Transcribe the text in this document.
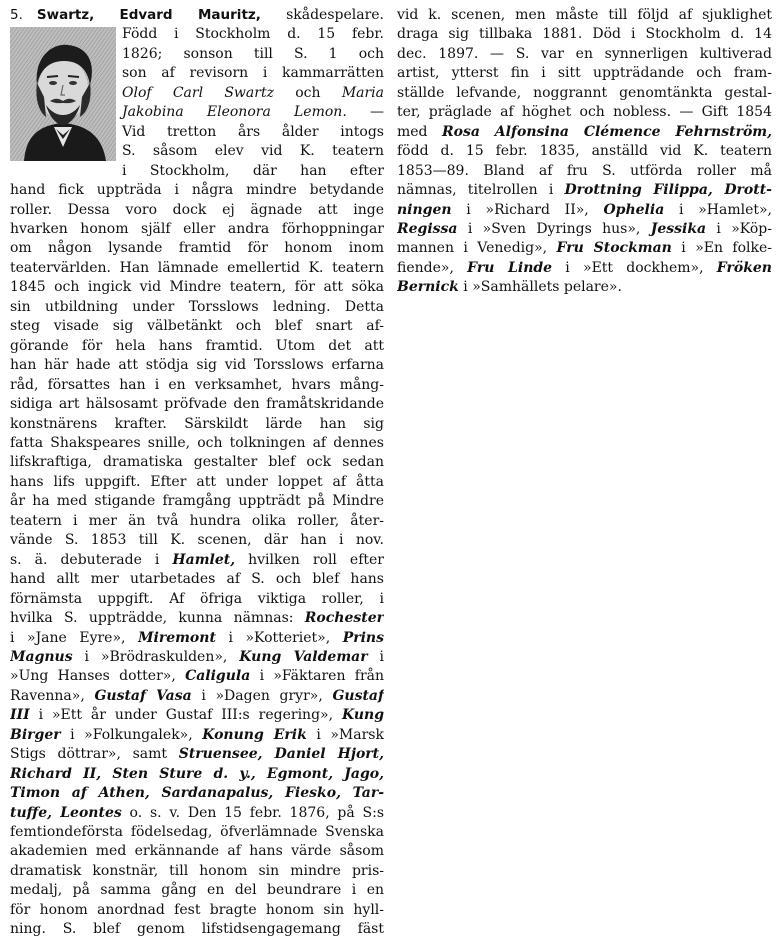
5. Swartz, Edvard Mauritz, skådespelare.
Född i Stockholm d. 15 febr.
1826; sonson till S. 1 och
son af revisorn i kammarrätten
Olof Carl Swartz och Maria
Jakobina Eleonora Lemon. —
Vid tretton års ålder intogs
S. såsom elev vid K. teatern
i Stockholm, där han efter
hand fick uppträda i några mindre betydande
roller. Dessa voro dock ej ägnade att inge
hvarken honom själf eller andra förhoppningar
om någon lysande framtid för honom inom
teatervärlden. Han lämnade emellertid K. teatern
1845 och ingick vid Mindre teatern, för att söka
sin utbildning under Torsslows ledning. Detta
steg visade sig välbetänkt och blef snart af-
görande för hela hans framtid. Utom det att
han här hade att stödja sig vid Torsslows erfarna
råd, försattes han i en verksamhet, hvars mång-
sidiga art hälsosamt pröfvade den framåtskridande
konstnärens krafter. Särskildt lärde han sig
fatta Shakspeares snille, och tolkningen af dennes
lifskraftiga, dramatiska gestalter blef ock sedan
hans lifs uppgift. Efter att under loppet af åtta
år ha med stigande framgång uppträdt på Mindre
teatern i mer än två hundra olika roller, åter-
vände S. 1853 till K. scenen, där han i nov.
s. ä. debuterade i Hamlet, hvilken roll efter
hand allt mer utarbetades af S. och blef hans
förnämsta uppgift. Af öfriga viktiga roller, i
hvilka S. uppträdde, kunna nämnas: Rochester
i »Jane Eyre», Miremont i »Kotteriet», Prins
Magnus i »Brödraskulden», Kung Valdemar i
»Ung Hanses dotter», Caligula i »Fäktaren från
Ravenna», Gustaf Vasa i »Dagen gryr», Gustaf
III i »Ett år under Gustaf III:s regering», Kung
Birger i »Folkungalek», Konung Erik i »Marsk
Stigs döttrar», samt Struensee, Daniel Hjort,
Richard II, Sten Sture d. y., Egmont, Jago,
Timon af Athen, Sardanapalus, Fiesko, Tar-
tuffe, Leontes o. s. v. Den 15 febr. 1876, på S:s
femtiondeförsta födelsedag, öfverlämnade Svenska
akademien med erkännande af hans värde såsom
dramatisk konstnär, till honom sin mindre pris-
medalj, på samma gång en del beundrare i en
för honom anordnad fest bragte honom sin hyll-
ning. S. blef genom lifstidsengagemang fäst
vid k. scenen, men måste till följd af sjuklighet
draga sig tillbaka 1881. Död i Stockholm d. 14
dec. 1897. — S. var en synnerligen kultiverad
artist, ytterst fin i sitt uppträdande och fram-
ställde lefvande, noggrannt genomtänkta gestal-
ter, präglade af höghet och nobless. — Gift 1854
med Rosa Alfonsina Clémence Fehrnström,
född d. 15 febr. 1835, anställd vid K. teatern
1853—89. Bland af fru S. utförda roller må
nämnas, titelrollen i Drottning Filippa, Drott-
ningen i »Richard II», Ophelia i »Hamlet»,
Regissa i »Sven Dyrings hus», Jessika i »Köp-
mannen i Venedig», Fru Stockman i »En folke-
fiende», Fru Linde i »Ett dockhem», Fröken
Bernick i »Samhällets pelare».
